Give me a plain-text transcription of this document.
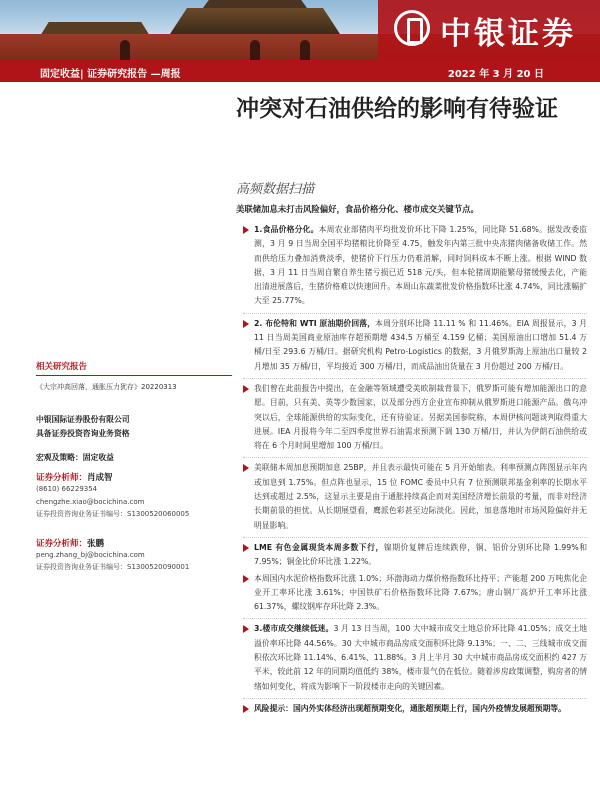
中银证券
固定收益| 证券研究报告 —周报	2022 年 3 月 20 日
冲突对石油供给的影响有待验证
高频数据扫描
美联储加息未打击风险偏好，食品价格分化、楼市成交关键节点。

1.食品价格分化。本周农业部猪肉平均批发价环比下降 1.25%，同比降 51.68%。据发改委监测，3 月 9 日当周全国平均猪粮比价降至 4.75，触发年内第三批中央冻猪肉储备收储工作。然而供给压力叠加消费淡季，使猪价下行压力仍难消解，同时饲料成本不断上涨。根据 WIND 数据，3 月 11 日当周自繁自养生猪亏损已近 518 元/头，但本轮猪周期能繁母猪缓慢去化，产能出清进展落后，生猪价格难以快速回升。本周山东蔬菜批发价格指数环比涨 4.74%，同比涨幅扩大至 25.77%。

2. 布伦特和 WTI 原油期价回落，本周分别环比降 11.11 % 和 11.46%。EIA 周报显示，3 月 11 日当周美国商业原油库存超预期增 434.5 万桶至 4.159 亿桶；美国原油出口增加 51.4 万桶/日至 293.6 万桶/日。据研究机构 Petro-Logistics 的数据，3 月俄罗斯海上原油出口量较 2 月增加 35 万桶/日，平均接近 300 万桶/日，而成品油出货量在 3 月份超过 200 万桶/日。

我们曾在此前报告中提出，在金融等领域遭受美欧制裁背景下，俄罗斯可能有增加能源出口的意愿。目前，只有美、英等少数国家，以及部分西方企业宣布抑制从俄罗斯进口能源产品。俄乌冲突以后，全球能源供给的实际变化，还有待验证。另据美国参院称，本周伊核问题谈判取得重大进展。IEA 月报将今年二至四季度世界石油需求预测下调 130 万桶/日，并认为伊朗石油供给或将在 6 个月时间里增加 100 万桶/日。

美联储本周加息预期加息 25BP，并且表示最快可能在 5 月开始缩表。利率预测点阵图显示年内或加息到 1.75%。但点阵也显示，15 位 FOMC 委员中只有 7 位预测联邦基金利率的长期水平达到或超过 2.5%，这显示主要是由于通胀持续高企而对美国经济增长前景的考量，而非对经济长期前景的担忧。从长期展望看，鹰派色彩甚至边际淡化。因此，加息落地时市场风险偏好并无明显影响。

LME 有色金属现货本周多数下行，镍期价复牌后连续跌停，铜、铝价分别环比降 1.99%和 7.95%；铜金比价环比涨 1.22%。

本周国内水泥价格指数环比涨 1.0%；环渤海动力煤价格指数环比持平；产能超 200 万吨焦化企业开工率环比涨 3.61%；中国铁矿石价格指数环比降 7.67%；唐山钢厂高炉开工率环比涨 61.37%，螺纹钢库存环比降 2.3%。

3.楼市成交继续低迷。3 月 13 日当周，100 大中城市成交土地总价环比降 41.05%；成交土地溢价率环比降 44.56%。30 大中城市商品房成交面积环比降 9.13%；一、二、三线城市成交面积依次环比降 11.14%、6.41%、11.88%。3 月上半月 30 大中城市商品房成交面积约 427 万平米，较此前 12 年的同期均值低约 38%，楼市景气仍在低位。随着涉房政策调整，购房者的情绪如何变化，将成为影响下一阶段楼市走向的关键因素。

风险提示：国内外实体经济出现超预期变化，通胀超预期上行，国内外疫情发展超预期等。

相关研究报告
《大宗冲高回落，通胀压力犹存》20220313
中银国际证券股份有限公司
具备证券投资咨询业务资格
宏观及策略：固定收益
证券分析师：肖成智
(8610) 66229354
chengzhe.xiao@bocichina.com
证券投资咨询业务证书编号：S1300520060005
证券分析师：张鹏
peng.zhang_bj@bocichina.com
证券投资咨询业务证书编号：S1300520090001
